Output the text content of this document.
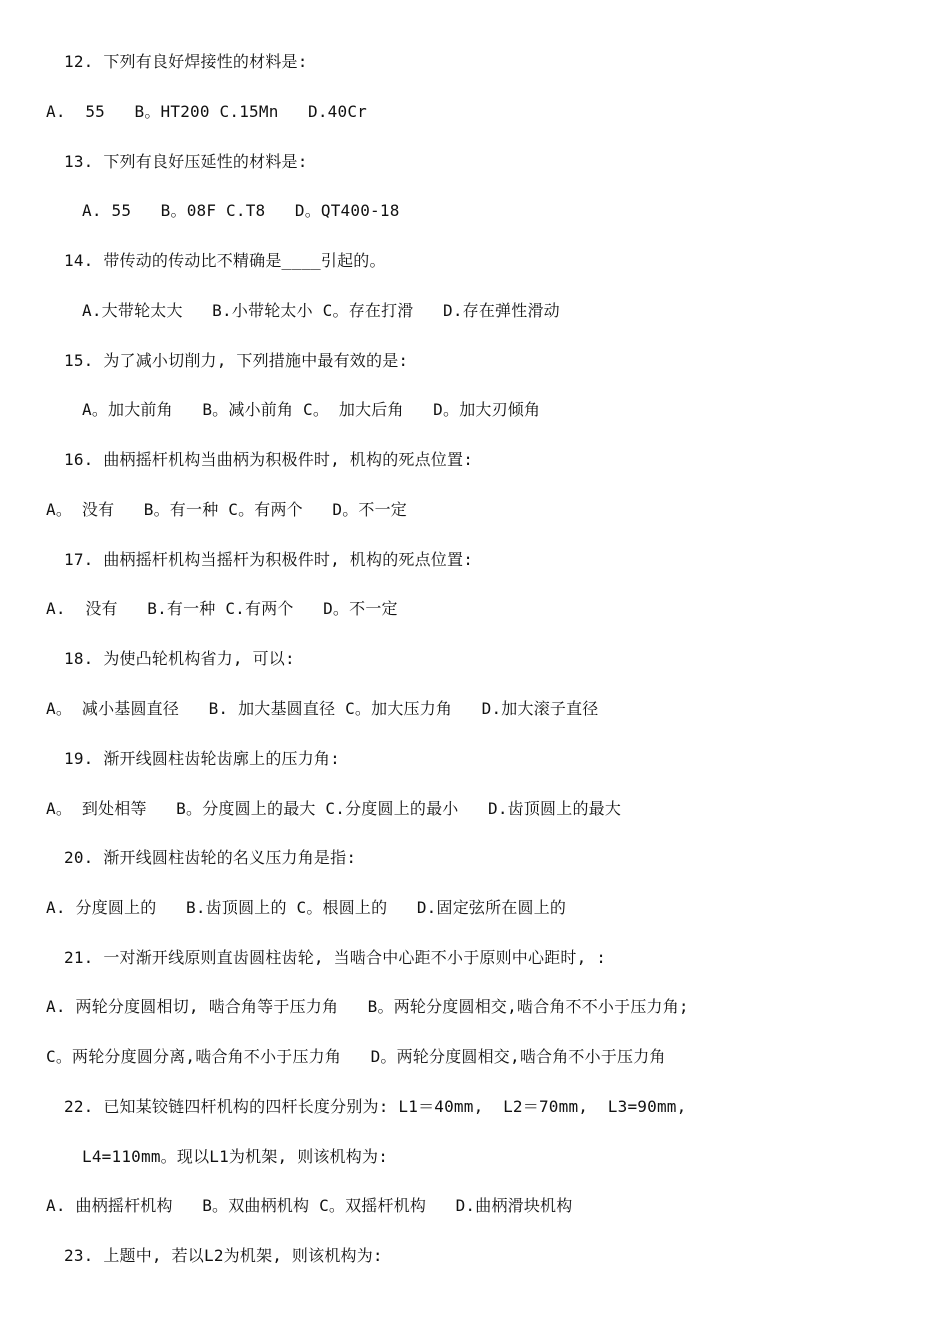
12. 下列有良好焊接性的材料是:
A.  55   B。HT200 C.15Mn   D.40Cr
13. 下列有良好压延性的材料是:
A. 55   B。08F C.T8   D。QT400-18
14. 带传动的传动比不精确是____引起的。
A.大带轮太大   B.小带轮太小 C。存在打滑   D.存在弹性滑动
15. 为了减小切削力, 下列措施中最有效的是:
A。加大前角   B。减小前角 C。 加大后角   D。加大刃倾角
16. 曲柄摇杆机构当曲柄为积极件时, 机构的死点位置:
A。 没有   B。有一种 C。有两个   D。不一定
17. 曲柄摇杆机构当摇杆为积极件时, 机构的死点位置:
A.  没有   B.有一种 C.有两个   D。不一定
18. 为使凸轮机构省力, 可以:
A。 减小基圆直径   B. 加大基圆直径 C。加大压力角   D.加大滚子直径
19. 渐开线圆柱齿轮齿廓上的压力角:
A。 到处相等   B。分度圆上的最大 C.分度圆上的最小   D.齿顶圆上的最大
20. 渐开线圆柱齿轮的名义压力角是指:
A. 分度圆上的   B.齿顶圆上的 C。根圆上的   D.固定弦所在圆上的
21. 一对渐开线原则直齿圆柱齿轮, 当啮合中心距不小于原则中心距时, :
A. 两轮分度圆相切, 啮合角等于压力角   B。两轮分度圆相交,啮合角不不小于压力角;
C。两轮分度圆分离,啮合角不小于压力角   D。两轮分度圆相交,啮合角不小于压力角
22. 已知某铰链四杆机构的四杆长度分别为: L1＝40mm,  L2＝70mm,  L3=90mm,
L4=110mm。现以L1为机架, 则该机构为:
A. 曲柄摇杆机构   B。双曲柄机构 C。双摇杆机构   D.曲柄滑块机构
23. 上题中, 若以L2为机架, 则该机构为:
